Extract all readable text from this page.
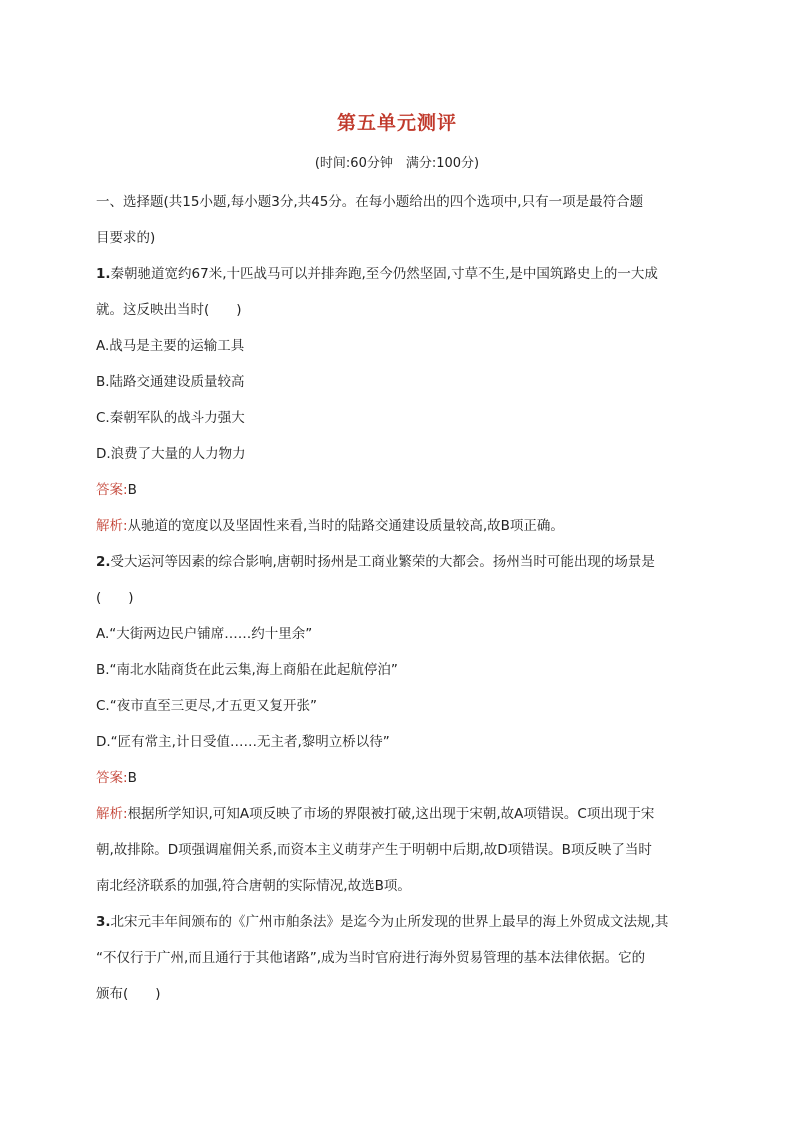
第五单元测评
(时间:60分钟　满分:100分)
一、选择题(共15小题,每小题3分,共45分。在每小题给出的四个选项中,只有一项是最符合题
目要求的)
1.秦朝驰道宽约67米,十匹战马可以并排奔跑,至今仍然坚固,寸草不生,是中国筑路史上的一大成
就。这反映出当时(　　)
A.战马是主要的运输工具
B.陆路交通建设质量较高
C.秦朝军队的战斗力强大
D.浪费了大量的人力物力
答案:B
解析:从驰道的宽度以及坚固性来看,当时的陆路交通建设质量较高,故B项正确。
2.受大运河等因素的综合影响,唐朝时扬州是工商业繁荣的大都会。扬州当时可能出现的场景是
(　　)
A.“大街两边民户铺席……约十里余”
B.“南北水陆商货在此云集,海上商船在此起航停泊”
C.“夜市直至三更尽,才五更又复开张”
D.“匠有常主,计日受值……无主者,黎明立桥以待”
答案:B
解析:根据所学知识,可知A项反映了市场的界限被打破,这出现于宋朝,故A项错误。C项出现于宋
朝,故排除。D项强调雇佣关系,而资本主义萌芽产生于明朝中后期,故D项错误。B项反映了当时
南北经济联系的加强,符合唐朝的实际情况,故选B项。
3.北宋元丰年间颁布的《广州市舶条法》是迄今为止所发现的世界上最早的海上外贸成文法规,其
“不仅行于广州,而且通行于其他诸路”,成为当时官府进行海外贸易管理的基本法律依据。它的
颁布(　　)
